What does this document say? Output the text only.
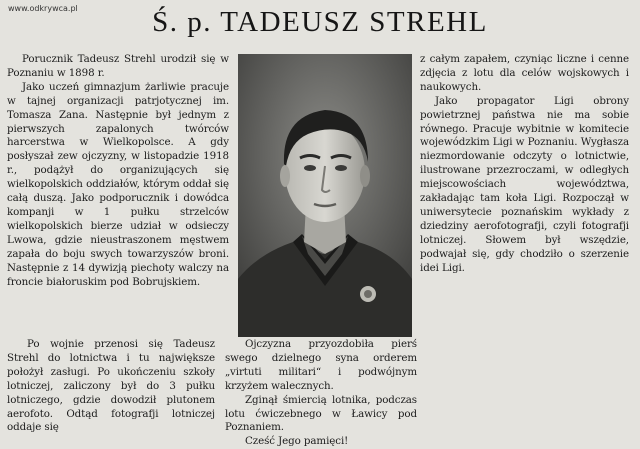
www.odkrywca.pl	Ś. p. TADEUSZ STREHL

Porucznik Tadeusz Strehl urodził się w Poznaniu w 1898 r.

Jako uczeń gimnazjum żarliwie pracuje w tajnej organizacji patrjotycznej im. Tomasza Zana. Następnie był jednym z pierwszych zapalonych twórców harcerstwa w Wielkopolsce. A gdy posłyszał zew ojczyzny, w listopadzie 1918 r., podążył do organizujących się wielkopolskich oddziałów, którym oddał się całą duszą. Jako podporucznik i dowódca kompanji w 1 pułku strzelców wielkopolskich bierze udział w odsieczy Lwowa, gdzie nieustraszonem męstwem zapała do boju swych towarzyszów broni. Następnie z 14 dywizją piechoty walczy na froncie białoruskim pod Bobrujskiem.

z całym zapałem, czyniąc liczne i cenne zdjęcia z lotu dla celów wojskowych i naukowych.

Jako propagator Ligi obrony powietrznej państwa nie ma sobie równego. Pracuje wybitnie w komitecie wojewódzkim Ligi w Poznaniu. Wygłasza niezmordowanie odczyty o lotnictwie, ilustrowane przezroczami, w odległych miejscowościach województwa, zakładając tam koła Ligi. Rozpoczął w uniwersytecie poznańskim wykłady z dziedziny aerofotografji, czyli fotografji lotniczej. Słowem był wszędzie, podwajał się, gdy chodziło o szerzenie idei Ligi.

Po wojnie przenosi się Tadeusz Strehl do lotnictwa i tu największe położył zasługi. Po ukończeniu szkoły lotniczej, zaliczony był do 3 pułku lotniczego, gdzie dowodził plutonem aerofoto. Odtąd fotografji lotniczej oddaje się

Ojczyzna przyozdobiła pierś swego dzielnego syna orderem „virtuti militari“ i podwójnym krzyżem walecznych.

Zginął śmiercią lotnika, podczas lotu ćwiczebnego w Ławicy pod Poznaniem.

Cześć Jego pamięci!
